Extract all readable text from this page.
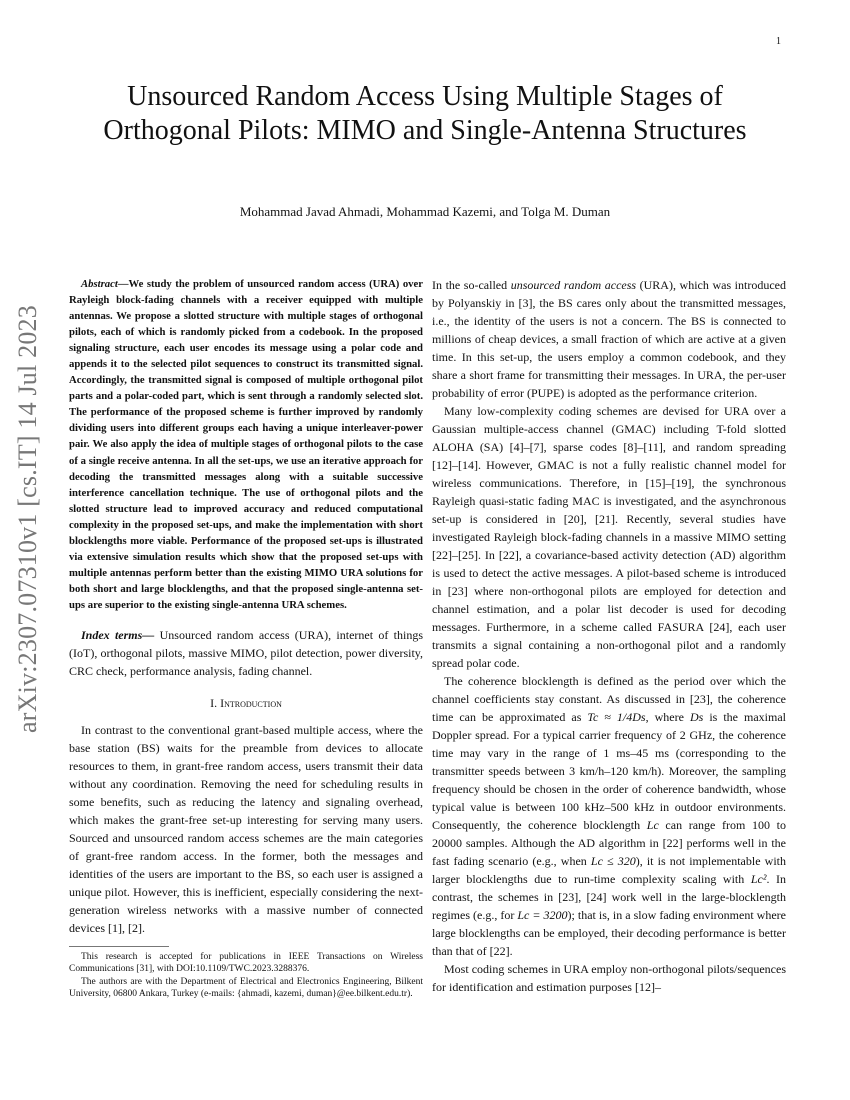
1
arXiv:2307.07310v1 [cs.IT] 14 Jul 2023
Unsourced Random Access Using Multiple Stages of Orthogonal Pilots: MIMO and Single-Antenna Structures
Mohammad Javad Ahmadi, Mohammad Kazemi, and Tolga M. Duman

Abstract—We study the problem of unsourced random access (URA) over Rayleigh block-fading channels with a receiver equipped with multiple antennas. We propose a slotted structure with multiple stages of orthogonal pilots, each of which is randomly picked from a codebook. In the proposed signaling structure, each user encodes its message using a polar code and appends it to the selected pilot sequences to construct its transmitted signal. Accordingly, the transmitted signal is composed of multiple orthogonal pilot parts and a polar-coded part, which is sent through a randomly selected slot. The performance of the proposed scheme is further improved by randomly dividing users into different groups each having a unique interleaver-power pair. We also apply the idea of multiple stages of orthogonal pilots to the case of a single receive antenna. In all the set-ups, we use an iterative approach for decoding the transmitted messages along with a suitable successive interference cancellation technique. The use of orthogonal pilots and the slotted structure lead to improved accuracy and reduced computational complexity in the proposed set-ups, and make the implementation with short blocklengths more viable. Performance of the proposed set-ups is illustrated via extensive simulation results which show that the proposed set-ups with multiple antennas perform better than the existing MIMO URA solutions for both short and large blocklengths, and that the proposed single-antenna set-ups are superior to the existing single-antenna URA schemes.

Index terms— Unsourced random access (URA), internet of things (IoT), orthogonal pilots, massive MIMO, pilot detection, power diversity, CRC check, performance analysis, fading channel.

I. Introduction

In contrast to the conventional grant-based multiple access, where the base station (BS) waits for the preamble from devices to allocate resources to them, in grant-free random access, users transmit their data without any coordination. Removing the need for scheduling results in some benefits, such as reducing the latency and signaling overhead, which makes the grant-free set-up interesting for serving many users. Sourced and unsourced random access schemes are the main categories of grant-free random access. In the former, both the messages and identities of the users are important to the BS, so each user is assigned a unique pilot. However, this is inefficient, especially considering the next-generation wireless networks with a massive number of connected devices [1], [2].

This research is accepted for publications in IEEE Transactions on Wireless Communications [31], with DOI:10.1109/TWC.2023.3288376.

The authors are with the Department of Electrical and Electronics Engineering, Bilkent University, 06800 Ankara, Turkey (e-mails: {ahmadi, kazemi, duman}@ee.bilkent.edu.tr).

In the so-called unsourced random access (URA), which was introduced by Polyanskiy in [3], the BS cares only about the transmitted messages, i.e., the identity of the users is not a concern. The BS is connected to millions of cheap devices, a small fraction of which are active at a given time. In this set-up, the users employ a common codebook, and they share a short frame for transmitting their messages. In URA, the per-user probability of error (PUPE) is adopted as the performance criterion.

Many low-complexity coding schemes are devised for URA over a Gaussian multiple-access channel (GMAC) including T-fold slotted ALOHA (SA) [4]–[7], sparse codes [8]–[11], and random spreading [12]–[14]. However, GMAC is not a fully realistic channel model for wireless communications. Therefore, in [15]–[19], the synchronous Rayleigh quasi-static fading MAC is investigated, and the asynchronous set-up is considered in [20], [21]. Recently, several studies have investigated Rayleigh block-fading channels in a massive MIMO setting [22]–[25]. In [22], a covariance-based activity detection (AD) algorithm is used to detect the active messages. A pilot-based scheme is introduced in [23] where non-orthogonal pilots are employed for detection and channel estimation, and a polar list decoder is used for decoding messages. Furthermore, in a scheme called FASURA [24], each user transmits a signal containing a non-orthogonal pilot and a randomly spread polar code.

The coherence blocklength is defined as the period over which the channel coefficients stay constant. As discussed in [23], the coherence time can be approximated as Tc ≈ 1/4Ds, where Ds is the maximal Doppler spread. For a typical carrier frequency of 2 GHz, the coherence time may vary in the range of 1 ms–45 ms (corresponding to the transmitter speeds between 3 km/h–120 km/h). Moreover, the sampling frequency should be chosen in the order of coherence bandwidth, whose typical value is between 100 kHz–500 kHz in outdoor environments. Consequently, the coherence blocklength Lc can range from 100 to 20000 samples. Although the AD algorithm in [22] performs well in the fast fading scenario (e.g., when Lc ≤ 320), it is not implementable with larger blocklengths due to run-time complexity scaling with Lc². In contrast, the schemes in [23], [24] work well in the large-blocklength regimes (e.g., for Lc = 3200); that is, in a slow fading environment where large blocklengths can be employed, their decoding performance is better than that of [22].

Most coding schemes in URA employ non-orthogonal pilots/sequences for identification and estimation purposes [12]–
